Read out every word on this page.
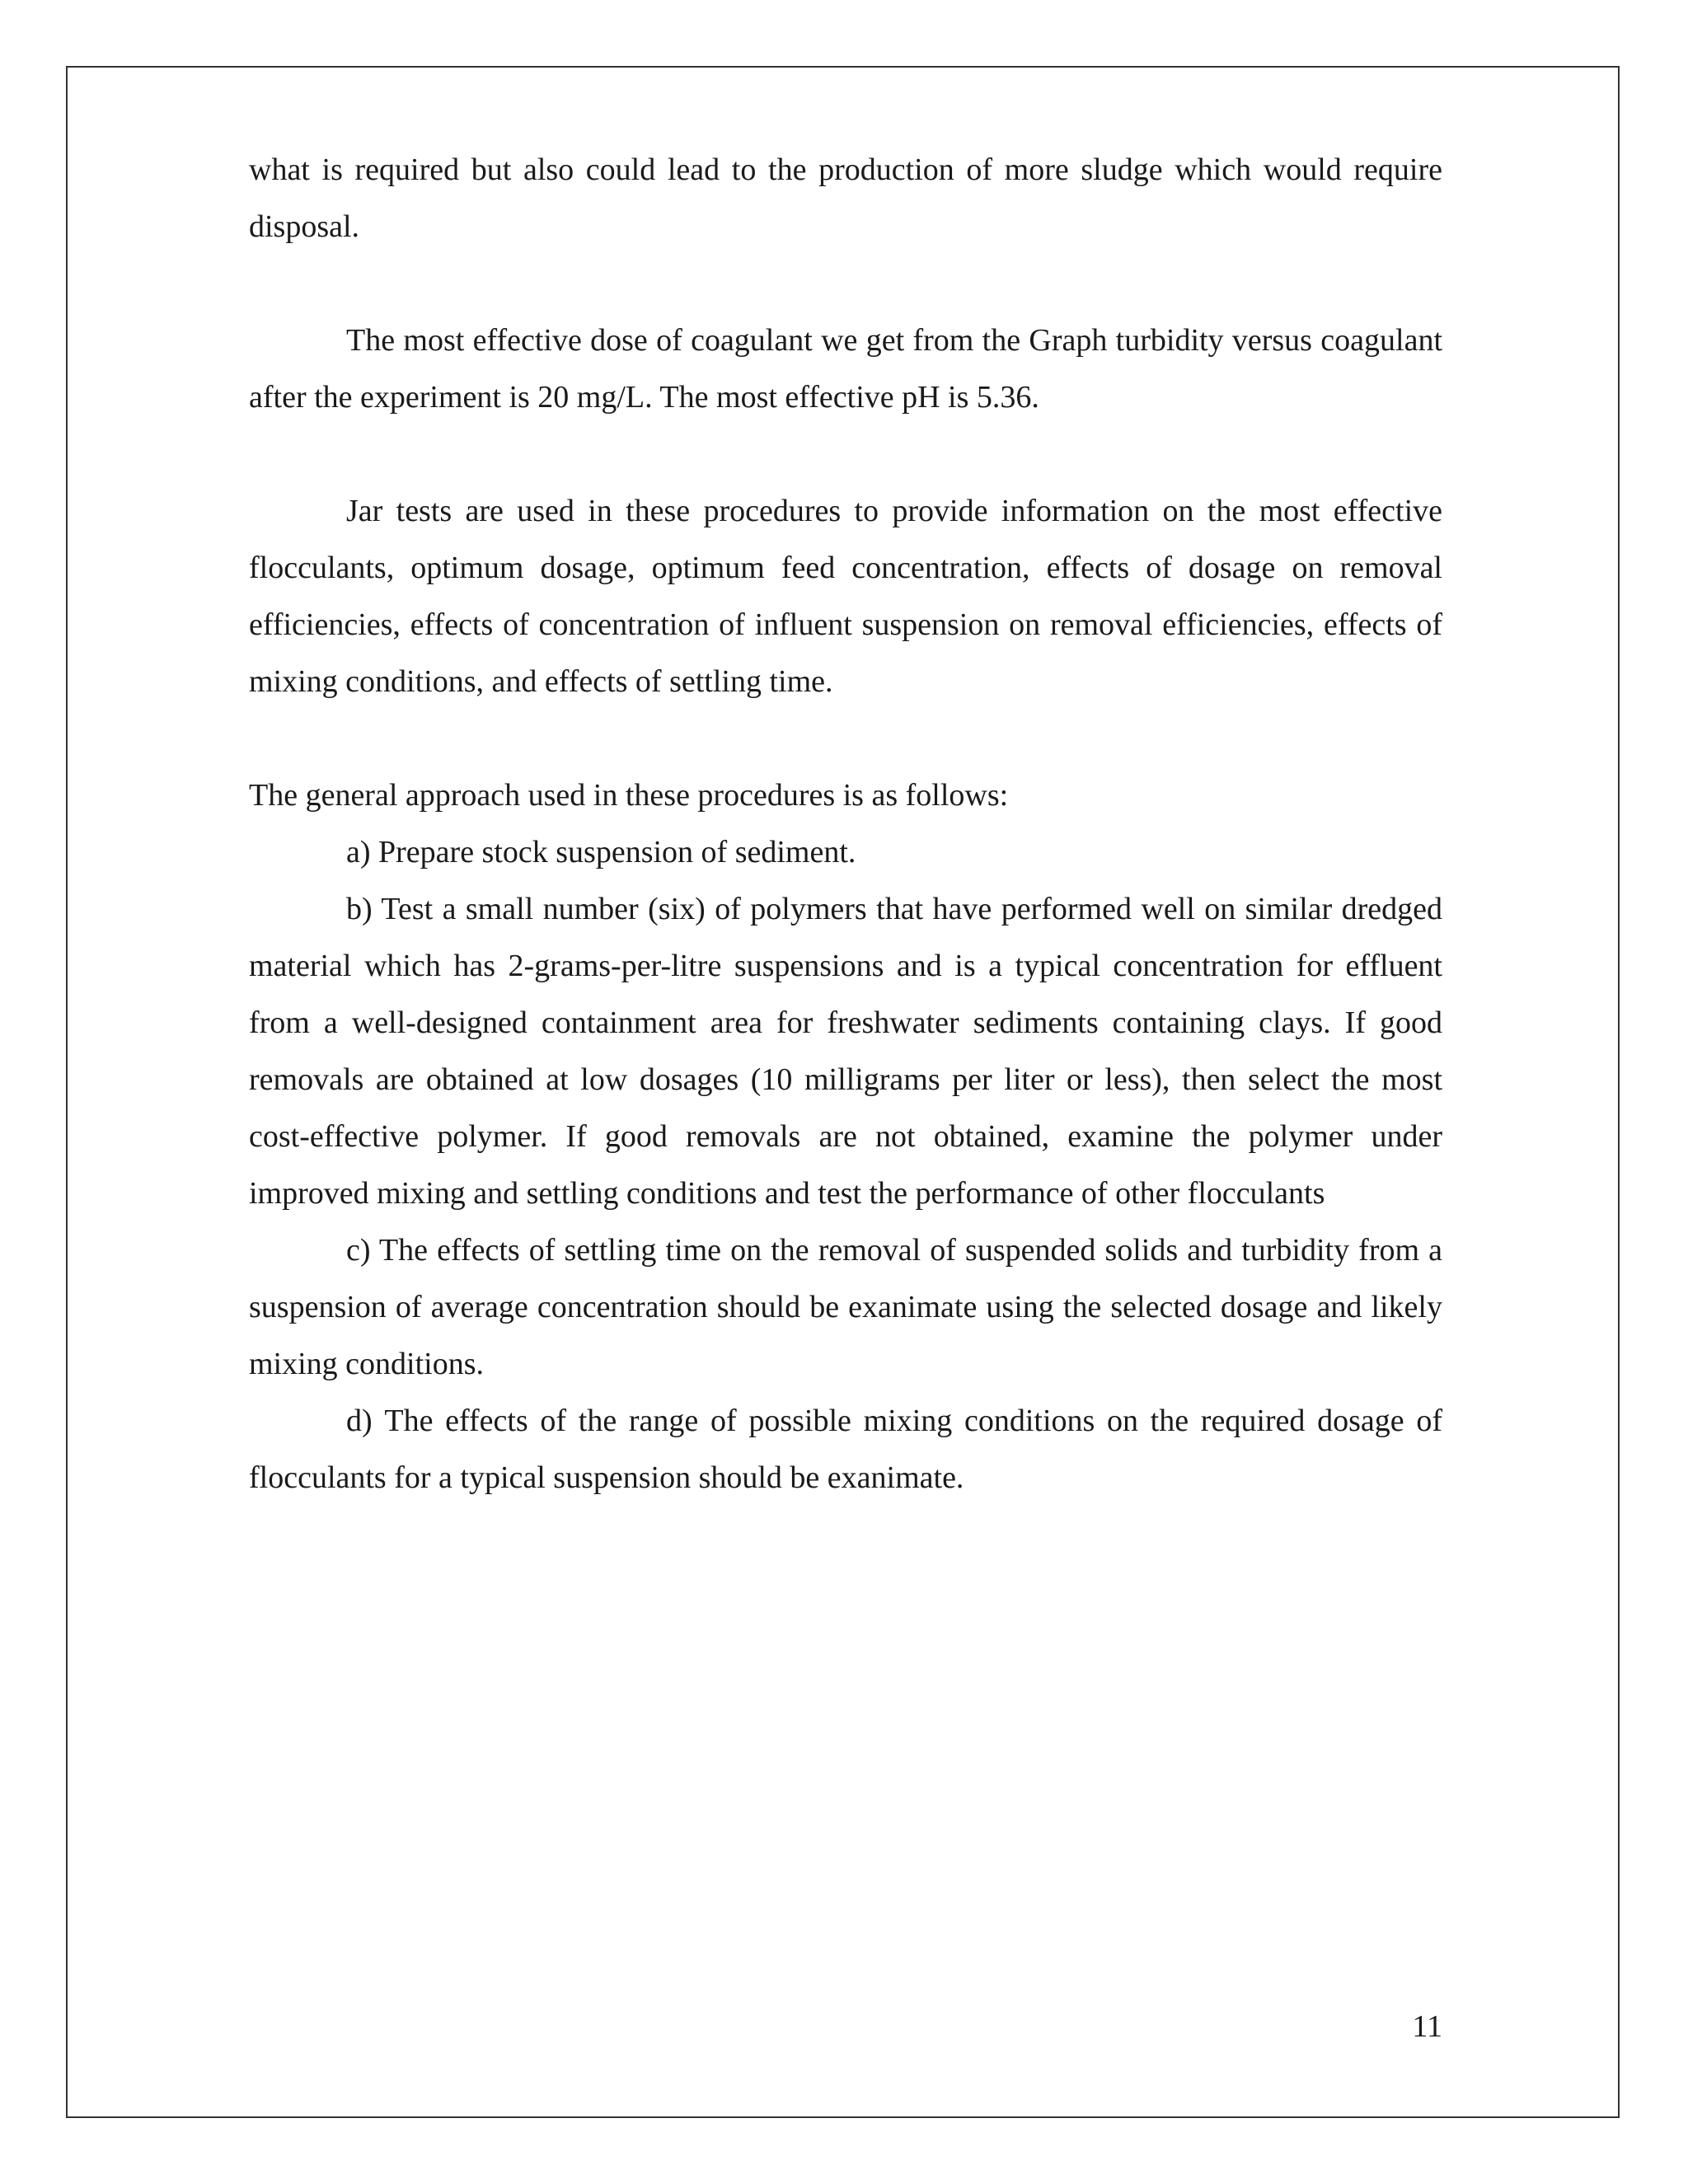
what is required but also could lead to the production of more sludge which would require disposal.

The most effective dose of coagulant we get from the Graph turbidity versus coagulant after the experiment is 20 mg/L. The most effective pH is 5.36.

Jar tests are used in these procedures to provide information on the most effective flocculants, optimum dosage, optimum feed concentration, effects of dosage on removal efficiencies, effects of concentration of influent suspension on removal efficiencies, effects of mixing conditions, and effects of settling time.

The general approach used in these procedures is as follows:

a) Prepare stock suspension of sediment.

b) Test a small number (six) of polymers that have performed well on similar dredged material which has 2-grams-per-litre suspensions and is a typical concentration for effluent from a well-designed containment area for freshwater sediments containing clays. If good removals are obtained at low dosages (10 milligrams per liter or less), then select the most cost-effective polymer. If good removals are not obtained, examine the polymer under improved mixing and settling conditions and test the performance of other flocculants

c) The effects of settling time on the removal of suspended solids and turbidity from a suspension of average concentration should be exanimate using the selected dosage and likely mixing conditions.

d) The effects of the range of possible mixing conditions on the required dosage of flocculants for a typical suspension should be exanimate.

11
